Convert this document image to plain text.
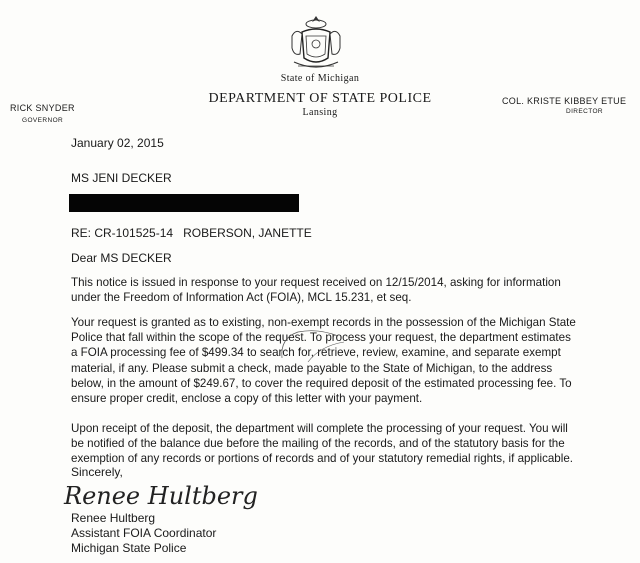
State of Michigan
DEPARTMENT OF STATE POLICE
Lansing
RICK SNYDER
GOVERNOR
COL. KRISTE KIBBEY ETUE
DIRECTOR
January 02, 2015
MS JENI DECKER
RE: CR-101525-14 ROBERSON, JANETTE
Dear MS DECKER
This notice is issued in response to your request received on 12/15/2014, asking for information
under the Freedom of Information Act (FOIA), MCL 15.231, et seq.
Your request is granted as to existing, non-exempt records in the possession of the Michigan State
Police that fall within the scope of the request. To process your request, the department estimates
a FOIA processing fee of $499.34 to search for, retrieve, review, examine, and separate exempt
material, if any. Please submit a check, made payable to the State of Michigan, to the address
below, in the amount of $249.67, to cover the required deposit of the estimated processing fee. To
ensure proper credit, enclose a copy of this letter with your payment.
Upon receipt of the deposit, the department will complete the processing of your request. You will
be notified of the balance due before the mailing of the records, and of the statutory basis for the
exemption of any records or portions of records and of your statutory remedial rights, if applicable.
Sincerely,
Renee Hultberg
Renee Hultberg
Assistant FOIA Coordinator
Michigan State Police
